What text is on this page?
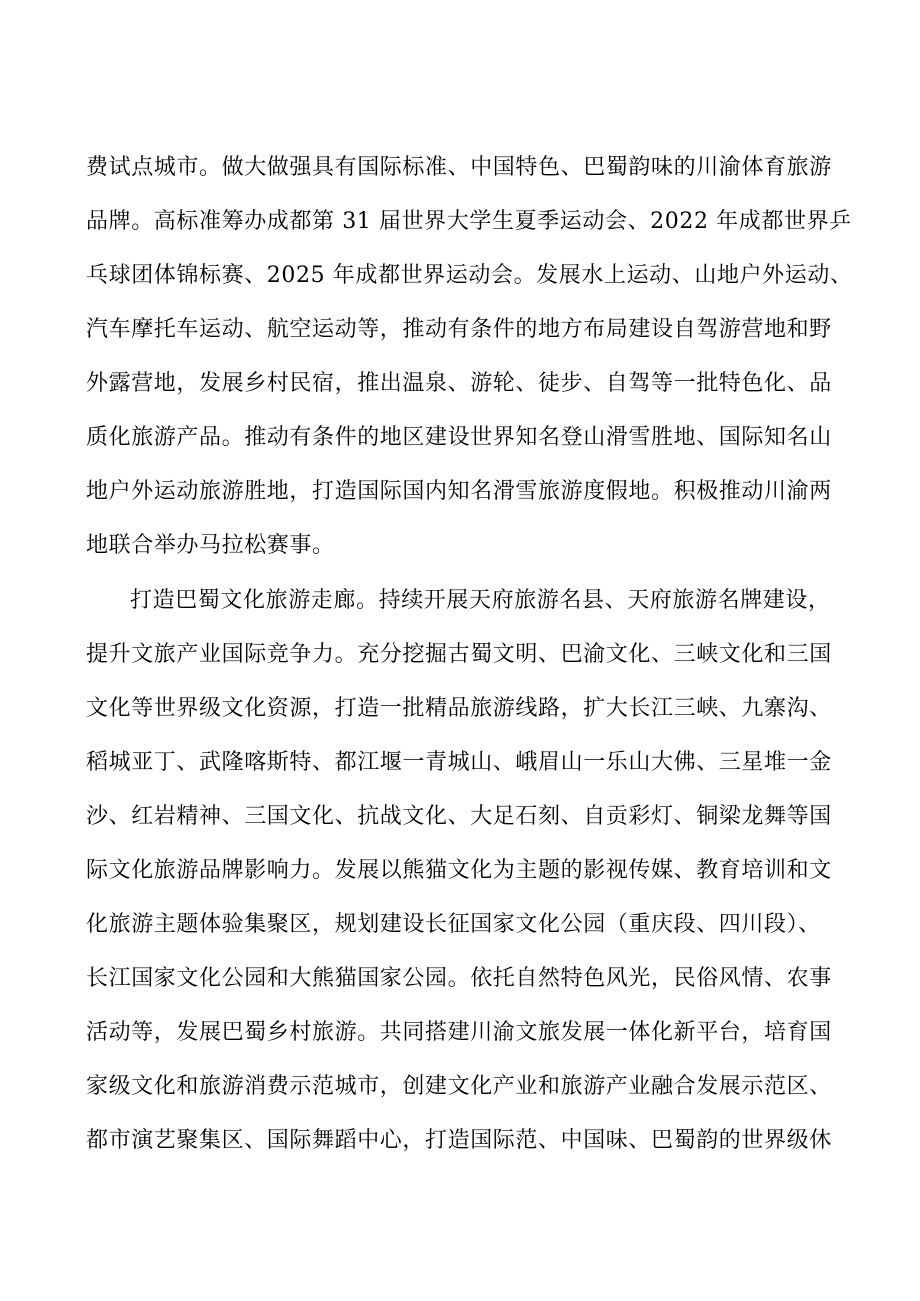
费试点城市。做大做强具有国际标准、中国特色、巴蜀韵味的川渝体育旅游
品牌。高标准筹办成都第 31 届世界大学生夏季运动会、2022 年成都世界乒
乓球团体锦标赛、2025 年成都世界运动会。发展水上运动、山地户外运动、
汽车摩托车运动、航空运动等，推动有条件的地方布局建设自驾游营地和野
外露营地，发展乡村民宿，推出温泉、游轮、徒步、自驾等一批特色化、品
质化旅游产品。推动有条件的地区建设世界知名登山滑雪胜地、国际知名山
地户外运动旅游胜地，打造国际国内知名滑雪旅游度假地。积极推动川渝两
地联合举办马拉松赛事。
打造巴蜀文化旅游走廊。持续开展天府旅游名县、天府旅游名牌建设，
提升文旅产业国际竞争力。充分挖掘古蜀文明、巴渝文化、三峡文化和三国
文化等世界级文化资源，打造一批精品旅游线路，扩大长江三峡、九寨沟、
稻城亚丁、武隆喀斯特、都江堰一青城山、峨眉山一乐山大佛、三星堆一金
沙、红岩精神、三国文化、抗战文化、大足石刻、自贡彩灯、铜梁龙舞等国
际文化旅游品牌影响力。发展以熊猫文化为主题的影视传媒、教育培训和文
化旅游主题体验集聚区，规划建设长征国家文化公园（重庆段、四川段）、
长江国家文化公园和大熊猫国家公园。依托自然特色风光，民俗风情、农事
活动等，发展巴蜀乡村旅游。共同搭建川渝文旅发展一体化新平台，培育国
家级文化和旅游消费示范城市，创建文化产业和旅游产业融合发展示范区、
都市演艺聚集区、国际舞蹈中心，打造国际范、中国味、巴蜀韵的世界级休
